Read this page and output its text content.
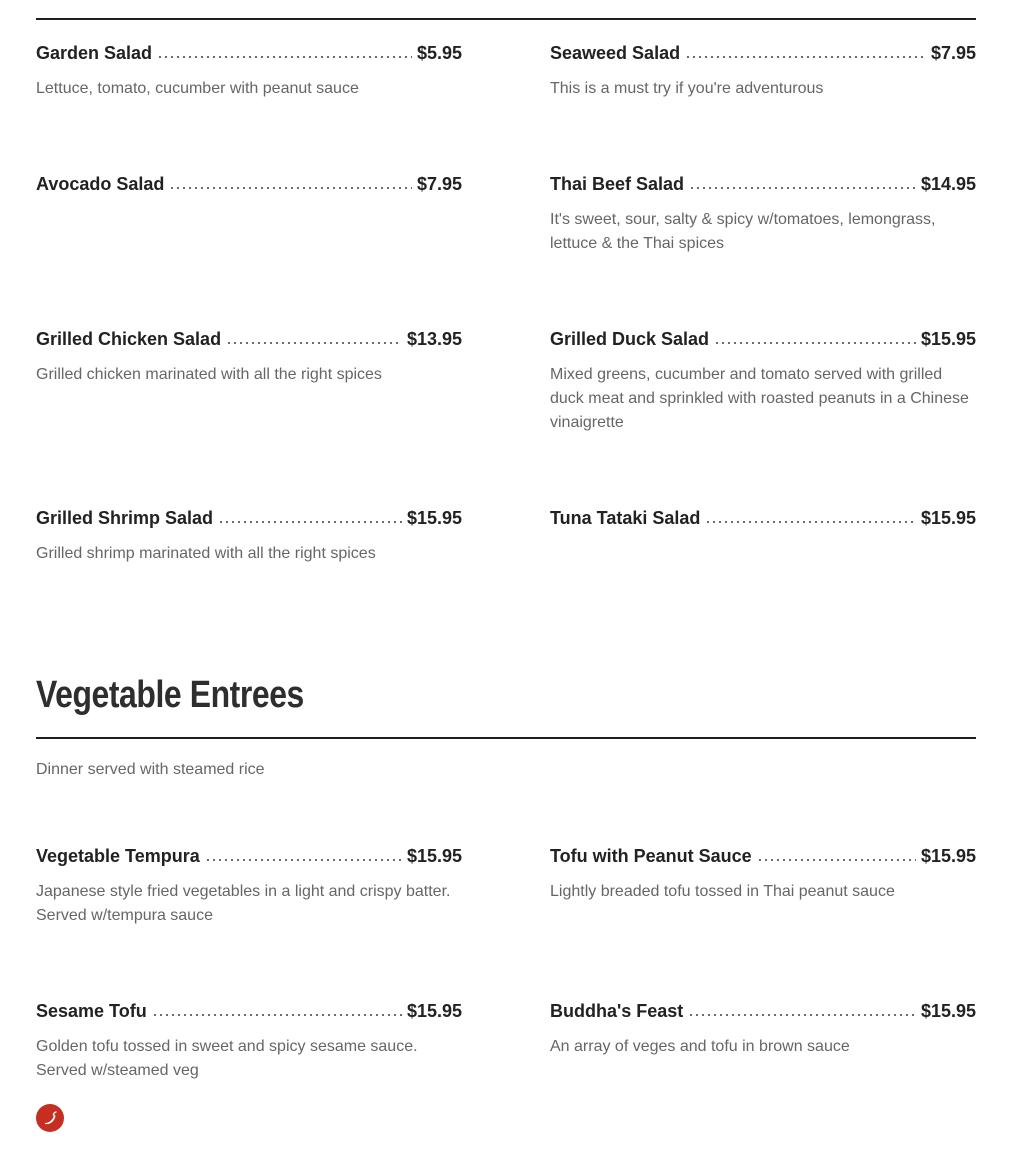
Garden Salad	$5.95
Lettuce, tomato, cucumber with peanut sauce
Seaweed Salad	$7.95
This is a must try if you're adventurous
Avocado Salad	$7.95	Thai Beef Salad	$14.95
It's sweet, sour, salty & spicy w/tomatoes, lemongrass, lettuce & the Thai spices
Grilled Chicken Salad	$13.95
Grilled chicken marinated with all the right spices
Grilled Duck Salad	$15.95
Mixed greens, cucumber and tomato served with grilled duck meat and sprinkled with roasted peanuts in a Chinese vinaigrette
Grilled Shrimp Salad	$15.95
Grilled shrimp marinated with all the right spices
Tuna Tataki Salad	$15.95
Vegetable Entrees
Dinner served with steamed rice
Vegetable Tempura	$15.95
Japanese style fried vegetables in a light and crispy batter. Served w/tempura sauce
Tofu with Peanut Sauce	$15.95
Lightly breaded tofu tossed in Thai peanut sauce
Sesame Tofu	$15.95
Golden tofu tossed in sweet and spicy sesame sauce. Served w/steamed veg
Buddha's Feast	$15.95
An array of veges and tofu in brown sauce
